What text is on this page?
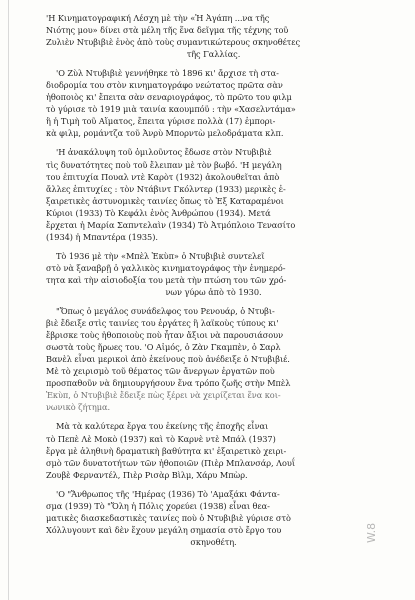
'Η Κινηματογραφική Λέσχη μὲ τὴν «Ἡ Ἀγάπη ...να τῆς
Νιότης μου» δίνει στὰ μέλη τῆς ἕνα δεῖγμα τῆς τέχνης τοῦ
Ζυλιὲν Ντυβιβιὲ ἑνὸς ἀπὸ τοὺς συμαντικώτερους σκηνοθέτες
τῆς Γαλλίας.
'Ο Ζὺλ Ντυβιβιὲ γεννήθηκε τὸ 1896 κι' ἄρχισε τὴ στα-
διοδρομία του στὸν κινηματογράφο νεώτατος πρῶτα σὰν
ἠθοποιὸς κι' ἔπειτα σὰν σεναριογράφος, τὸ πρῶτο του φιλμ
τὸ γύρισε τὸ 1919 μιὰ ταινία καουμπόϋ : τὴν «Χασελντάμα»
ἢ ἡ Τιμὴ τοῦ Αἵματος, ἔπειτα γύρισε πολλὰ (17) ἐμπορι-
κὰ φιλμ, ρομάντζα τοῦ Ἀνρὺ Μπορντὼ μελοδράματα κλπ.
'Η ἀνακάλυψη τοῦ ὁμιλοῦντος ἔδωσε στὸν Ντυβιβιὲ
τὶς δυνατότητες ποὺ τοῦ ἔλειπαν μὲ τὸν βωβό. 'Η μεγάλη
του ἐπιτυχία Πουαλ ντὲ Καρὸτ (1932) ἀκολουθεῖται ἀπὸ
ἄλλες ἐπιτυχίες : τὸν Ντάβιντ Γκόλντερ (1933) μερικὲς ἐ-
ξαιρετικὲς ἀστυνομικὲς ταινίες ὅπως τὸ Ἐξ Καταραμένοι
Κύριοι (1933) Τὸ Κεφάλι ἑνὸς Ἀνθρώπου (1934). Μετά
ἔρχεται ἡ Μαρία Σαπντελαὶν (1934) Τὸ Ἀτμόπλοιο Τενασίτο
(1934) ἡ Μπαντέρα (1935).
Τὸ 1936 μὲ τὴν «Μπὲλ Ἐκὺπ» ὁ Ντυβιβιὲ συντελεῖ
στὸ νὰ ξαναβρῇ ὁ γαλλικὸς κινηματογράφος τὴν ἐνημερό-
τητα καὶ τὴν αἰσιοδοξία του μετὰ τὴν πτώση του τῶν χρό-
νων γύρω ἀπὸ τὸ 1930.
"Ὅπως ὁ μεγάλος συνάδελφος του Ρενουάρ, ὁ Ντυβι-
βιὲ ἔδειξε στὶς ταινίες του ἐργάτες ἢ λαϊκοὺς τύπους κι'
ἔβρισκε τοὺς ἠθοποιοὺς ποὺ ἦταν ἄξιοι νὰ παρουσιάσουν
σωστὰ τοὺς ἥρωες του. 'Ο Αἰμός, ὁ Ζὰν Γκαμπὲν, ὁ Σαρλ
Βανὲλ εἶναι μερικοὶ ἀπὸ ἐκείνους ποὺ ἀνέδειξε ὁ Ντυβιβιέ.
Μὲ τὸ χειρισμὸ τοῦ θέματος τῶν ἄνεργων ἐργατῶν ποὺ
προσπαθοῦν νὰ δημιουργήσουν ἕνα τρόπο ζωῆς στὴν Μπὲλ
Ἐκὺπ, ὁ Ντυβιβιὲ ἔδειξε πὼς ξέρει νὰ χειρίζεται ἕνα κοι-
νωνικὸ ζήτημα.
Μὰ τὰ καλύτερα ἔργα του ἐκείνης τῆς ἐποχῆς εἶναι
τὸ Πεπὲ Λὲ Μοκὸ (1937) καὶ τὸ Καρνὲ ντὲ Μπάλ (1937)
ἔργα μὲ ἀληθινὴ δραματικὴ βαθύτητα κι' ἐξαιρετικὸ χειρι-
σμὸ τῶν δυνατοτήτων τῶν ἠθοποιῶν (Πιὲρ Μπλανσάρ, Λουΐ
Ζουβὲ Φερναντέλ, Πιὲρ Ρισὰρ Βὶλμ, Χάρυ Μπὼρ.
'Ο "Ἄνθρωπος τῆς 'Ημέρας (1936) Τὸ 'Αμαξάκι Φάντα-
σμα (1939) Τὸ "Ὅλη ἡ Πόλις χορεύει (1938) εἶναι θεα-
ματικὲς διασκεδαστικὲς ταινίες ποὺ ὁ Ντυβιβιὲ γύρισε στὸ
Χόλλυγουντ καὶ δὲν ἔχουν μεγάλη σημασία στὸ ἔργο του
σκηνοθέτη.	W.8
